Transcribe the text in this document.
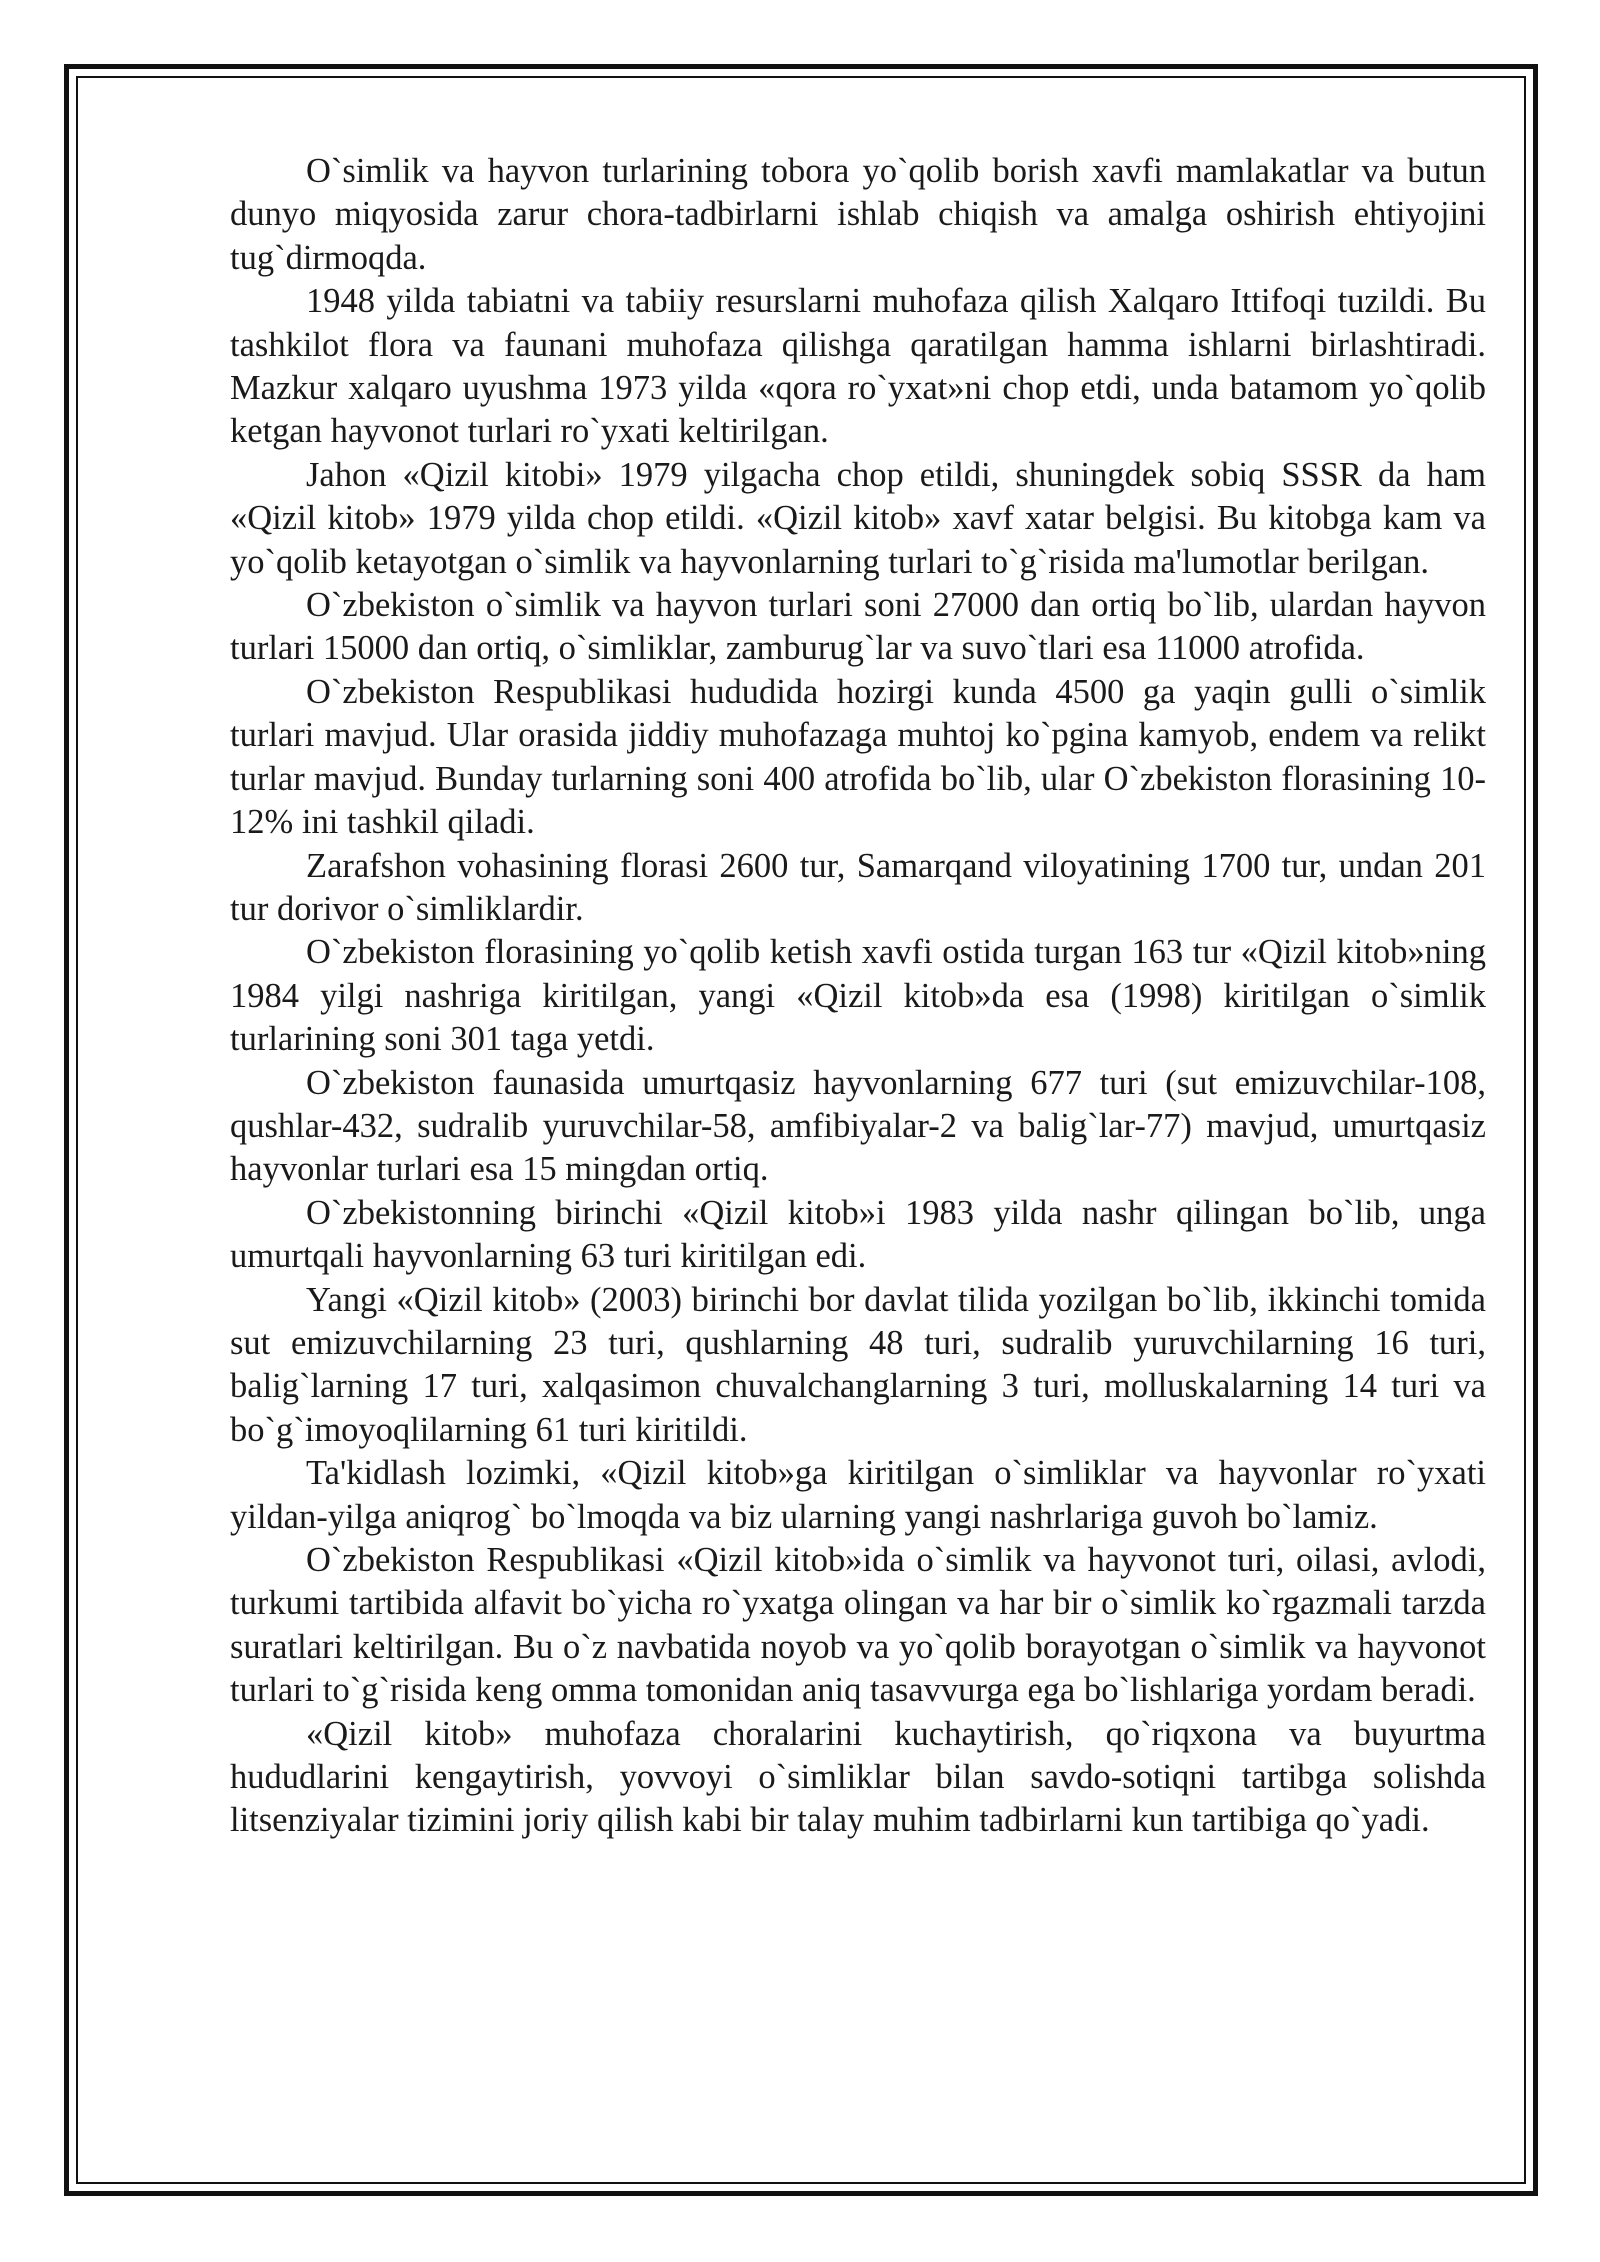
O`simlik va hayvon turlarining tobora yo`qolib borish xavfi mamlakatlar va butun dunyo miqyosida zarur chora-tadbirlarni ishlab chiqish va amalga oshirish ehtiyojini tug`dirmoqda.

1948 yilda tabiatni va tabiiy resurslarni muhofaza qilish Xalqaro Ittifoqi tuzildi. Bu tashkilot flora va faunani muhofaza qilishga qaratilgan hamma ishlarni birlashtiradi. Mazkur xalqaro uyushma 1973 yilda «qora ro`yxat»ni chop etdi, unda batamom yo`qolib ketgan hayvonot turlari ro`yxati keltirilgan.

Jahon «Qizil kitobi» 1979 yilgacha chop etildi, shuningdek sobiq SSSR da ham «Qizil kitob» 1979 yilda chop etildi. «Qizil kitob» xavf xatar belgisi. Bu kitobga kam va yo`qolib ketayotgan o`simlik va hayvonlarning turlari to`g`risida ma'lumotlar berilgan.

O`zbekiston o`simlik va hayvon turlari soni 27000 dan ortiq bo`lib, ulardan hayvon turlari 15000 dan ortiq, o`simliklar, zamburug`lar va suvo`tlari esa 11000 atrofida.

O`zbekiston Respublikasi hududida hozirgi kunda 4500 ga yaqin gulli o`simlik turlari mavjud. Ular orasida jiddiy muhofazaga muhtoj ko`pgina kamyob, endem va relikt turlar mavjud. Bunday turlarning soni 400 atrofida bo`lib, ular O`zbekiston florasining 10-12% ini tashkil qiladi.

Zarafshon vohasining florasi 2600 tur, Samarqand viloyatining 1700 tur, undan 201 tur dorivor o`simliklardir.

O`zbekiston florasining yo`qolib ketish xavfi ostida turgan 163 tur «Qizil kitob»ning 1984 yilgi nashriga kiritilgan, yangi «Qizil kitob»da esa (1998) kiritilgan o`simlik turlarining soni 301 taga yetdi.

O`zbekiston faunasida umurtqasiz hayvonlarning 677 turi (sut emizuvchilar-108, qushlar-432, sudralib yuruvchilar-58, amfibiyalar-2 va balig`lar-77) mavjud, umurtqasiz hayvonlar turlari esa 15 mingdan ortiq.

O`zbekistonning birinchi «Qizil kitob»i 1983 yilda nashr qilingan bo`lib, unga umurtqali hayvonlarning 63 turi kiritilgan edi.

Yangi «Qizil kitob» (2003) birinchi bor davlat tilida yozilgan bo`lib, ikkinchi tomida sut emizuvchilarning 23 turi, qushlarning 48 turi, sudralib yuruvchilarning 16 turi, balig`larning 17 turi, xalqasimon chuvalchanglarning 3 turi, molluskalarning 14 turi va bo`g`imoyoqlilarning 61 turi kiritildi.

Ta'kidlash lozimki, «Qizil kitob»ga kiritilgan o`simliklar va hayvonlar ro`yxati yildan-yilga aniqrog` bo`lmoqda va biz ularning yangi nashrlariga guvoh bo`lamiz.

O`zbekiston Respublikasi «Qizil kitob»ida o`simlik va hayvonot turi, oilasi, avlodi, turkumi tartibida alfavit bo`yicha ro`yxatga olingan va har bir o`simlik ko`rgazmali tarzda suratlari keltirilgan. Bu o`z navbatida noyob va yo`qolib borayotgan o`simlik va hayvonot turlari to`g`risida keng omma tomonidan aniq tasavvurga ega bo`lishlariga yordam beradi.

«Qizil kitob» muhofaza choralarini kuchaytirish, qo`riqxona va buyurtma hududlarini kengaytirish, yovvoyi o`simliklar bilan savdo-sotiqni tartibga solishda litsenziyalar tizimini joriy qilish kabi bir talay muhim tadbirlarni kun tartibiga qo`yadi.
